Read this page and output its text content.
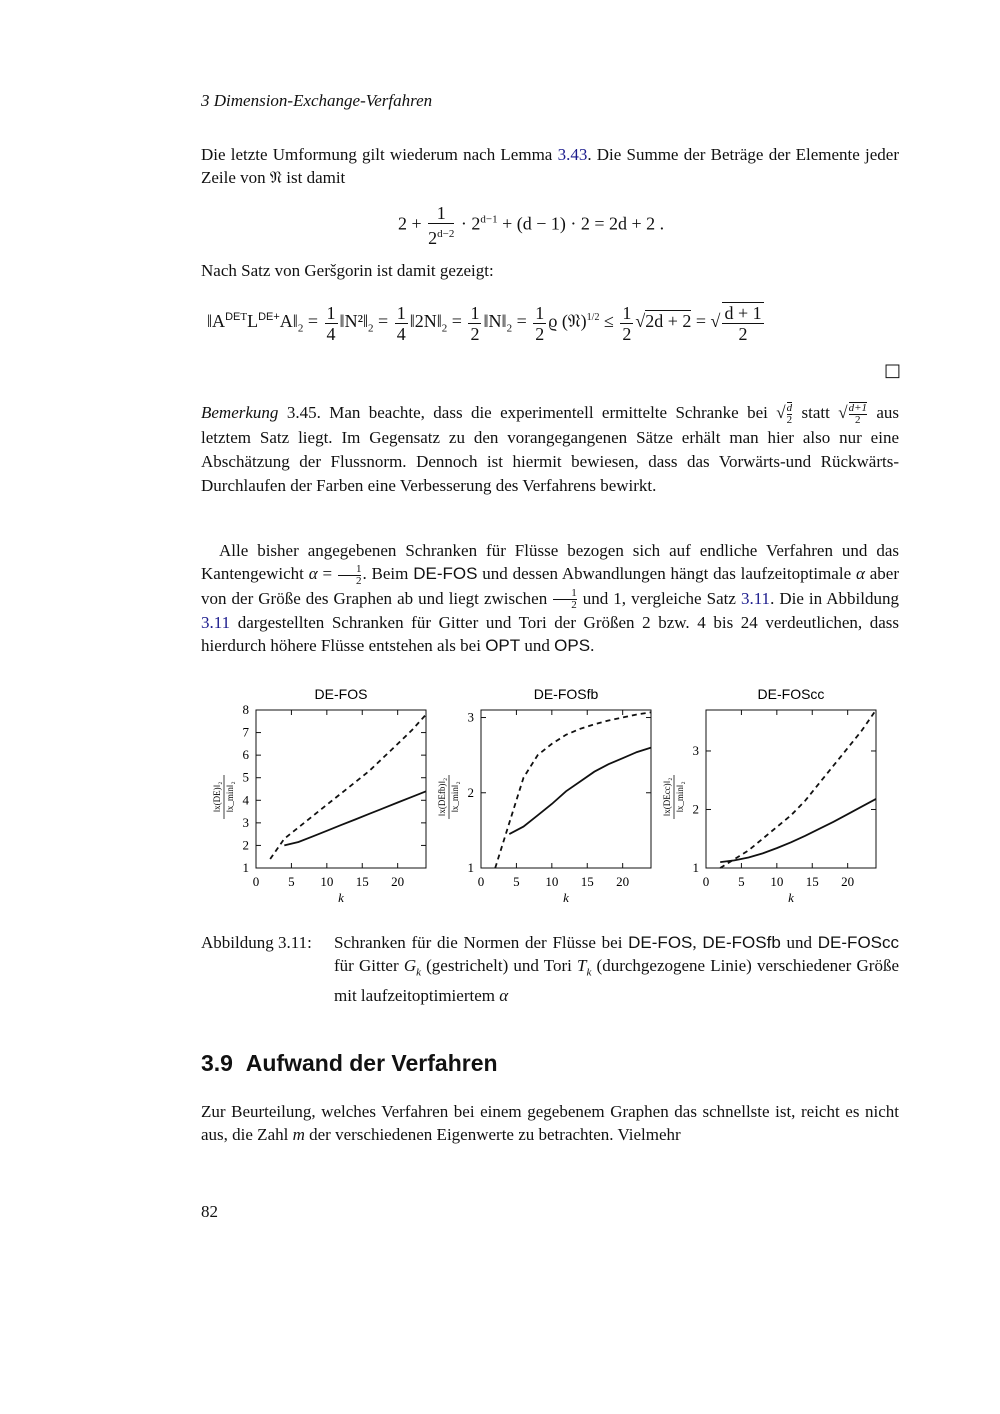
3 Dimension-Exchange-Verfahren
Die letzte Umformung gilt wiederum nach Lemma 3.43. Die Summe der Beträge der Elemente jeder Zeile von 𝔑 ist damit
$2 + \frac{1}{2^{d-2}} \cdot 2^{d-1} + (d - 1) \cdot 2 = 2d + 2$ .
Nach Satz von Geršgorin ist damit gezeigt:
$‖A^{DET}L^{DE+}A‖_2 = \frac{1}{4}$ $‖N^2‖_2 = \frac{1}{4}$ $‖2N‖_2 = \frac{1}{2}$ $‖N‖_2 = \frac{1}{2}$ ϱ (𝔑)$^{1/2}$ ≤ $\frac{1}{2} √2d + 2$ = √ $\frac{d + 1}{2}$
□
Bemerkung 3.45. Man beachte, dass die experimentell ermittelte Schranke bei √ $\frac{d}{2}$ statt √ $\frac{d+1}{2}$ aus letztem Satz liegt. Im Gegensatz zu den vorangegangenen Sätze erhält man hier also nur eine Abschätzung der Flussnorm. Dennoch ist hiermit bewiesen, dass das Vorwärts-und Rückwärts-Durchlaufen der Farben eine Verbesserung des Verfahrens bewirkt.
Alle bisher angegebenen Schranken für Flüsse bezogen sich auf endliche Verfahren und das Kantengewicht $\alpha = \frac{1}{2}$ . Beim DE-FOS und dessen Abwandlungen hängt das laufzeitoptimale α aber von der Größe des Graphen ab und liegt zwischen $\frac{1}{2}$ und 1, vergleiche Satz 3.11. Die in Abbildung 3.11 dargestellten Schranken für Gitter und Tori der Größen 2 bzw. 4 bis 24 verdeutlichen, dass hierdurch höhere Flüsse entstehen als bei OPT und OPS.
DE-FOS
0 5 10 15 20
1
2
3
4
5
6
7
8
k
‖x(DE)‖₂ ‖x_min‖₂
DE-FOSfb
0 5 10 15 20
1
2
3
k
‖x(DEfb)‖₂ ‖x_min‖₂
DE-FOScc
0 5 10 15 20
1
2
3
k
‖x(DEcc)‖₂ ‖x_min‖₂
Abbildung 3.11: Schranken für die Normen der Flüsse bei DE-FOS, DE-FOSfb und DE-FOScc für Gitter $G_k$ (gestrichelt) und Tori $T_k$ (durchgezogene Linie) verschiedener Größe mit laufzeitoptimiertem α
3.9 Aufwand der Verfahren
Zur Beurteilung, welches Verfahren bei einem gegebenem Graphen das schnellste ist, reicht es nicht aus, die Zahl m der verschiedenen Eigenwerte zu betrachten. Vielmehr
82
